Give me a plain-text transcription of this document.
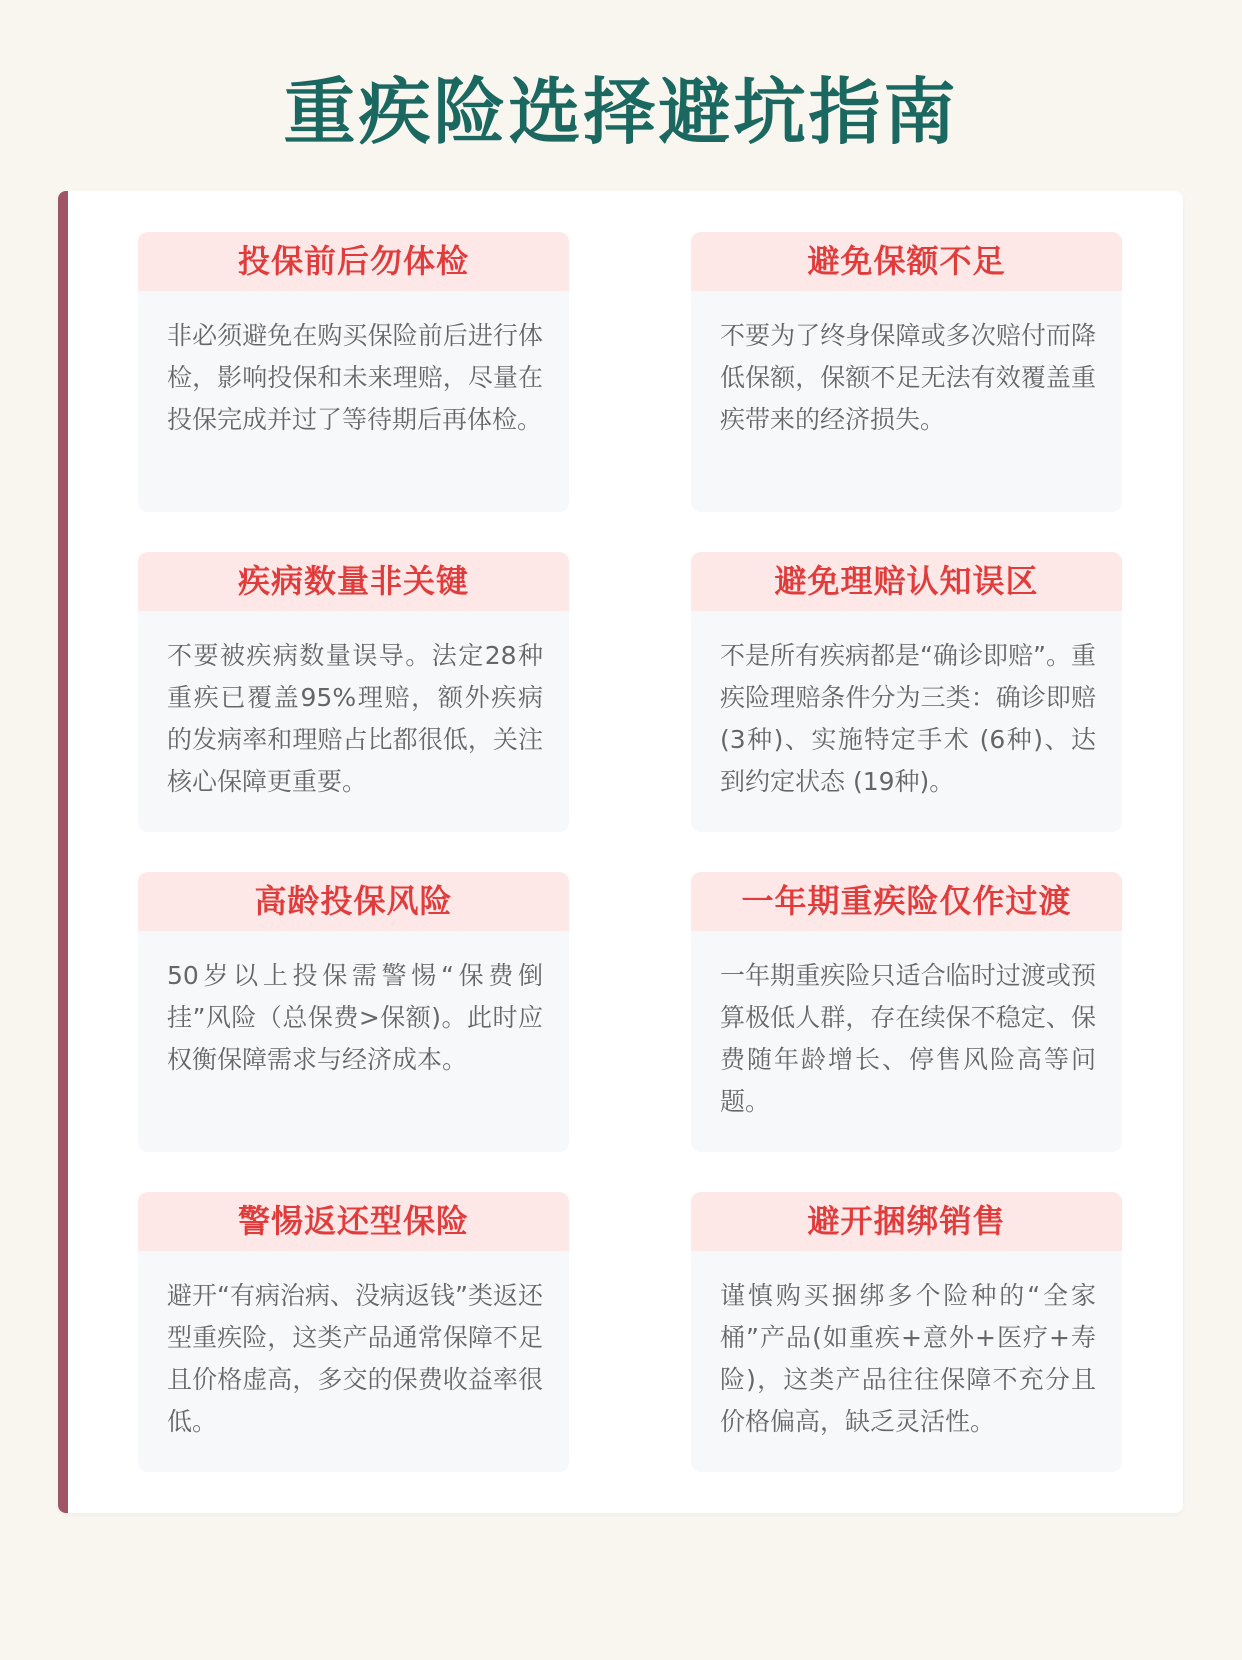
重疾险选择避坑指南
投保前后勿体检
非必须避免在购买保险前后进行体检，影响投保和未来理赔，尽量在投保完成并过了等待期后再体检。
避免保额不足
不要为了终身保障或多次赔付而降低保额，保额不足无法有效覆盖重疾带来的经济损失。
疾病数量非关键
不要被疾病数量误导。法定28种重疾已覆盖95%理赔，额外疾病的发病率和理赔占比都很低，关注核心保障更重要。
避免理赔认知误区
不是所有疾病都是“确诊即赔”。重疾险理赔条件分为三类：确诊即赔(3种)、实施特定手术 (6种)、达到约定状态 (19种)。
高龄投保风险
50岁以上投保需警惕“保费倒挂”风险（总保费>保额)。此时应权衡保障需求与经济成本。
一年期重疾险仅作过渡
一年期重疾险只适合临时过渡或预算极低人群，存在续保不稳定、保费随年龄增长、停售风险高等问题。
警惕返还型保险
避开“有病治病、没病返钱”类返还型重疾险，这类产品通常保障不足且价格虚高，多交的保费收益率很低。
避开捆绑销售
谨慎购买捆绑多个险种的“全家桶”产品(如重疾+意外+医疗+寿险)，这类产品往往保障不充分且价格偏高，缺乏灵活性。
